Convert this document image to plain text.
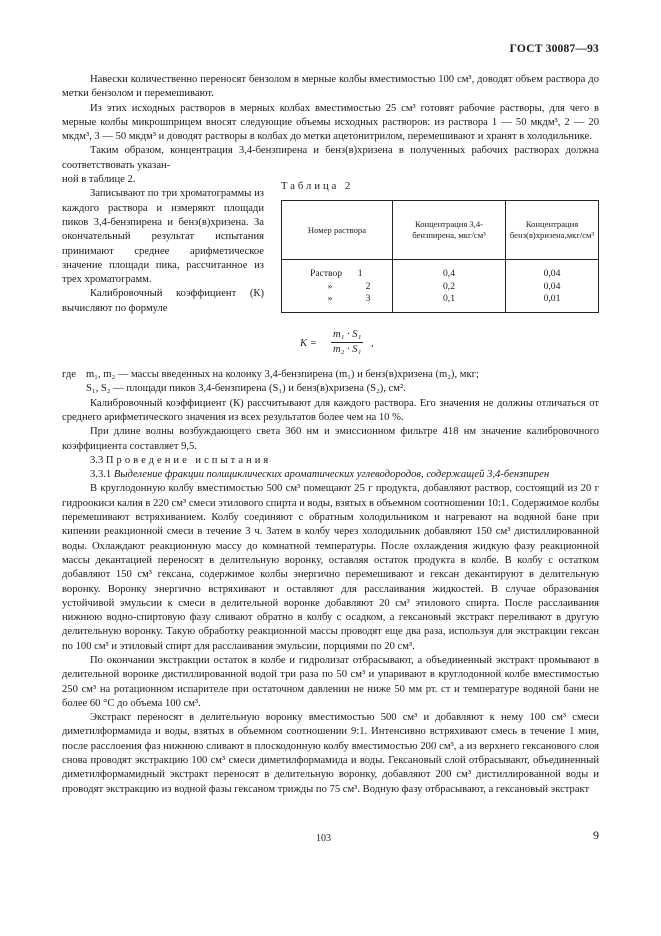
ГОСТ 30087—93

Навески количественно переносят бензолом в мерные колбы вместимостью 100 см³, доводят объем раствора до метки бензолом и перемешивают.

Из этих исходных растворов в мерных колбах вместимостью 25 см³ готовят рабочие растворы, для чего в мерные колбы микрошприцем вносят следующие объемы исходных растворов: из раствора 1 — 50 мкдм³, 2 — 20 мкдм³, 3 — 50 мкдм³ и доводят растворы в колбах до метки ацетонитрилом, перемешивают и хранят в холодильнике.

Таким образом, концентрация 3,4-бензпирена и бенз(в)хризена в полученных рабочих растворах должна соответствовать указан-

ной в таблице 2.

Записывают по три хроматограммы из каждого раствора и измеряют площади пиков 3,4-бензпирена и бенз(в)хризена. За окончательный результат испытания принимают среднее арифметическое значение площади пика, рассчитанное из трех хроматограмм.

Калибровочный коэффициент (К) вычисляют по формуле

Таблица 2
Номер раствора	Концентрация 3,4-бензпирена, мкг/см³	Концентрация бенз(в)хризена,мкг/см³
Раствор 1	0,4	0,04
» 2	0,2	0,04
» 3	0,1	0,01
$K = \frac{\text{m₁ · S₁}}{\text{m₂ · S₁}}$ ,
где m₁, m₂ — массы введенных на колонку 3,4-бензпирена (m₁) и бенз(в)хризена (m₂), мкг;
S₁, S₂ — площади пиков 3,4-бензпирена (S₁) и бенз(в)хризена (S₂), см².

Калибровочный коэффициент (К) рассчитывают для каждого раствора. Его значения не должны отличаться от среднего арифметического значения из всех результатов более чем на 10 %.

При длине волны возбуждающего света 360 нм и эмиссионном фильтре 418 нм значение калибровочного коэффициента составляет 9,5.

3.3 Проведение испытания

3.3.1 Выделение фракции полициклических ароматических углеводородов, содержащей 3,4-бензпирен

В круглодонную колбу вместимостью 500 см³ помещают 25 г продукта, добавляют раствор, состоящий из 20 г гидроокиси калия в 220 см³ смеси этилового спирта и воды, взятых в объемном соотношении 10:1. Содержимое колбы перемешивают встряхиванием. Колбу соединяют с обратным холодильником и нагревают на водяной бане при кипении реакционной смеси в течение 3 ч. Затем в колбу через холодильник добавляют 150 см³ дистиллированной воды. Охлаждают реакционную массу до комнатной температуры. После охлаждения жидкую фазу реакционной массы декантацией переносят в делительную воронку, оставляя остаток продукта в колбе. В колбу с остатком добавляют 150 см³ гексана, содержимое колбы энергично перемешивают и гексан декантируют в делительную воронку. Воронку энергично встряхивают и оставляют для расслаивания жидкостей. В случае образования устойчивой эмульсии к смеси в делительной воронке добавляют 20 см³ этилового спирта. После расслаивания нижнюю водно-спиртовую фазу сливают обратно в колбу с осадком, а гексановый экстракт переливают в другую делительную воронку. Такую обработку реакционной массы проводят еще два раза, используя для экстракции гексан по 100 см³ и этиловый спирт для расслаивания эмульсии, порциями по 20 см³.

По окончании экстракции остаток в колбе и гидролизат отбрасывают, а объединенный экстракт промывают в делительной воронке дистиллированной водой три раза по 50 см³ и упаривают в круглодонной колбе вместимостью 250 см³ на ротационном испарителе при остаточном давлении не ниже 50 мм рт. ст и температуре водяной бани не более 60 °С до объема 100 см³.

Экстракт переносят в делительную воронку вместимостью 500 см³ и добавляют к нему 100 см³ смеси диметилформамида и воды, взятых в объемном соотношении 9:1. Интенсивно встряхивают смесь в течение 1 мин, после расслоения фаз нижнюю сливают в плоскодонную колбу вместимостью 200 см³, а из верхнего гексанового слоя снова проводят экстракцию 100 см³ смеси диметилформамида и воды. Гексановый слой отбрасывают, объединенный диметилформамидный экстракт переносят в делительную воронку, добавляют 200 см³ дистиллированной воды и проводят экстракцию из водной фазы гексаном трижды по 75 см³. Водную фазу отбрасывают, а гексановый экстракт

103	9
